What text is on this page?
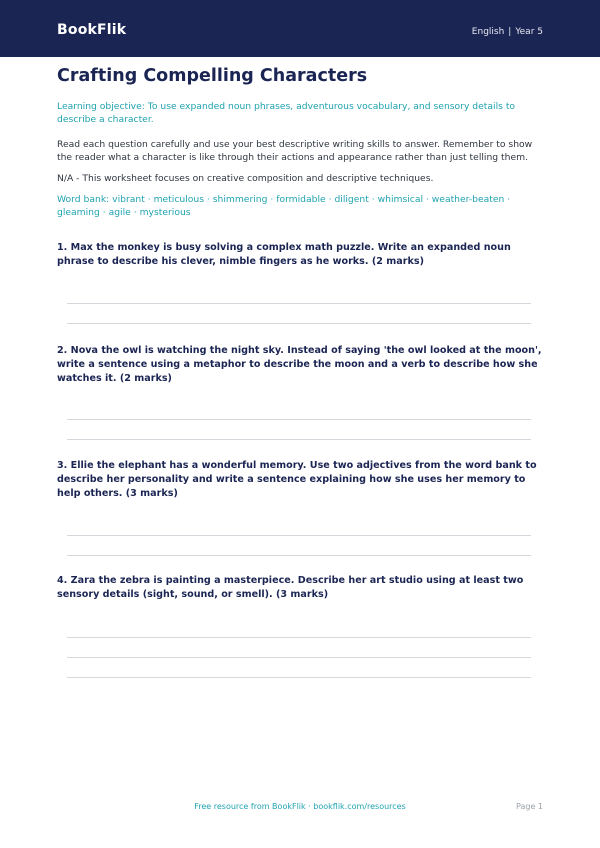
BookFlik	English | Year 5
Crafting Compelling Characters
Learning objective: To use expanded noun phrases, adventurous vocabulary, and sensory details to describe a character.
Read each question carefully and use your best descriptive writing skills to answer. Remember to show the reader what a character is like through their actions and appearance rather than just telling them.
N/A - This worksheet focuses on creative composition and descriptive techniques.
Word bank: vibrant · meticulous · shimmering · formidable · diligent · whimsical · weather-beaten · gleaming · agile · mysterious
1. Max the monkey is busy solving a complex math puzzle. Write an expanded noun phrase to describe his clever, nimble fingers as he works. (2 marks)
2. Nova the owl is watching the night sky. Instead of saying 'the owl looked at the moon', write a sentence using a metaphor to describe the moon and a verb to describe how she watches it. (2 marks)
3. Ellie the elephant has a wonderful memory. Use two adjectives from the word bank to describe her personality and write a sentence explaining how she uses her memory to help others. (3 marks)
4. Zara the zebra is painting a masterpiece. Describe her art studio using at least two sensory details (sight, sound, or smell). (3 marks)
Free resource from BookFlik · bookflik.com/resources	Page 1
